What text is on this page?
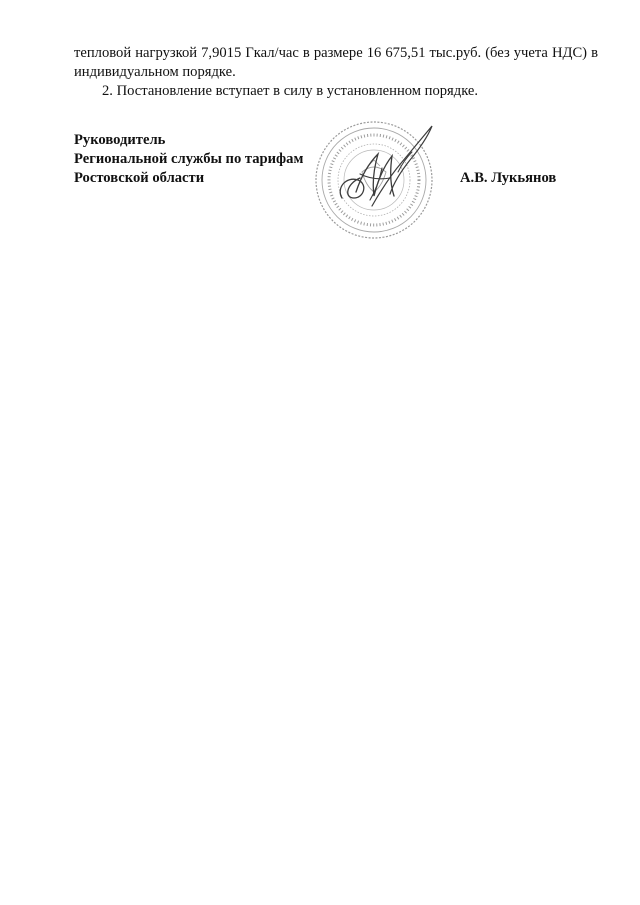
тепловой нагрузкой 7,9015 Гкал/час в размере 16 675,51 тыс.руб. (без учета НДС) в индивидуальном порядке.

2. Постановление вступает в силу в установленном порядке.

Руководитель
Региональной службы по тарифам
Ростовской области	А.В. Лукьянов
